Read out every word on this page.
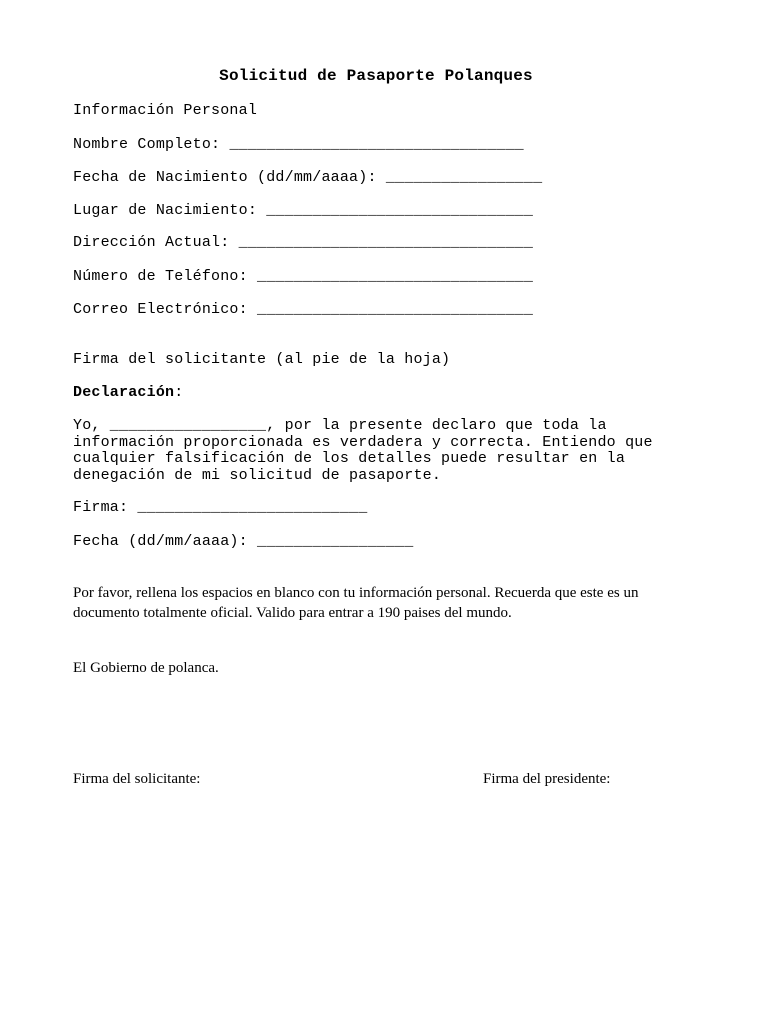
Solicitud de Pasaporte Polanques
Información Personal
Nombre Completo: ________________________________
Fecha de Nacimiento (dd/mm/aaaa): _________________
Lugar de Nacimiento: _____________________________
Dirección Actual: ________________________________
Número de Teléfono: ______________________________
Correo Electrónico: ______________________________
Firma del solicitante (al pie de la hoja)
Declaración:
Yo, _________________, por la presente declaro que toda la
información proporcionada es verdadera y correcta. Entiendo que
cualquier falsificación de los detalles puede resultar en la
denegación de mi solicitud de pasaporte.
Firma: _________________________
Fecha (dd/mm/aaaa): _________________
Por favor, rellena los espacios en blanco con tu información personal. Recuerda que este es un documento totalmente oficial. Valido para entrar a 190 paises del mundo.
El Gobierno de polanca.
Firma del solicitante:	Firma del presidente:
